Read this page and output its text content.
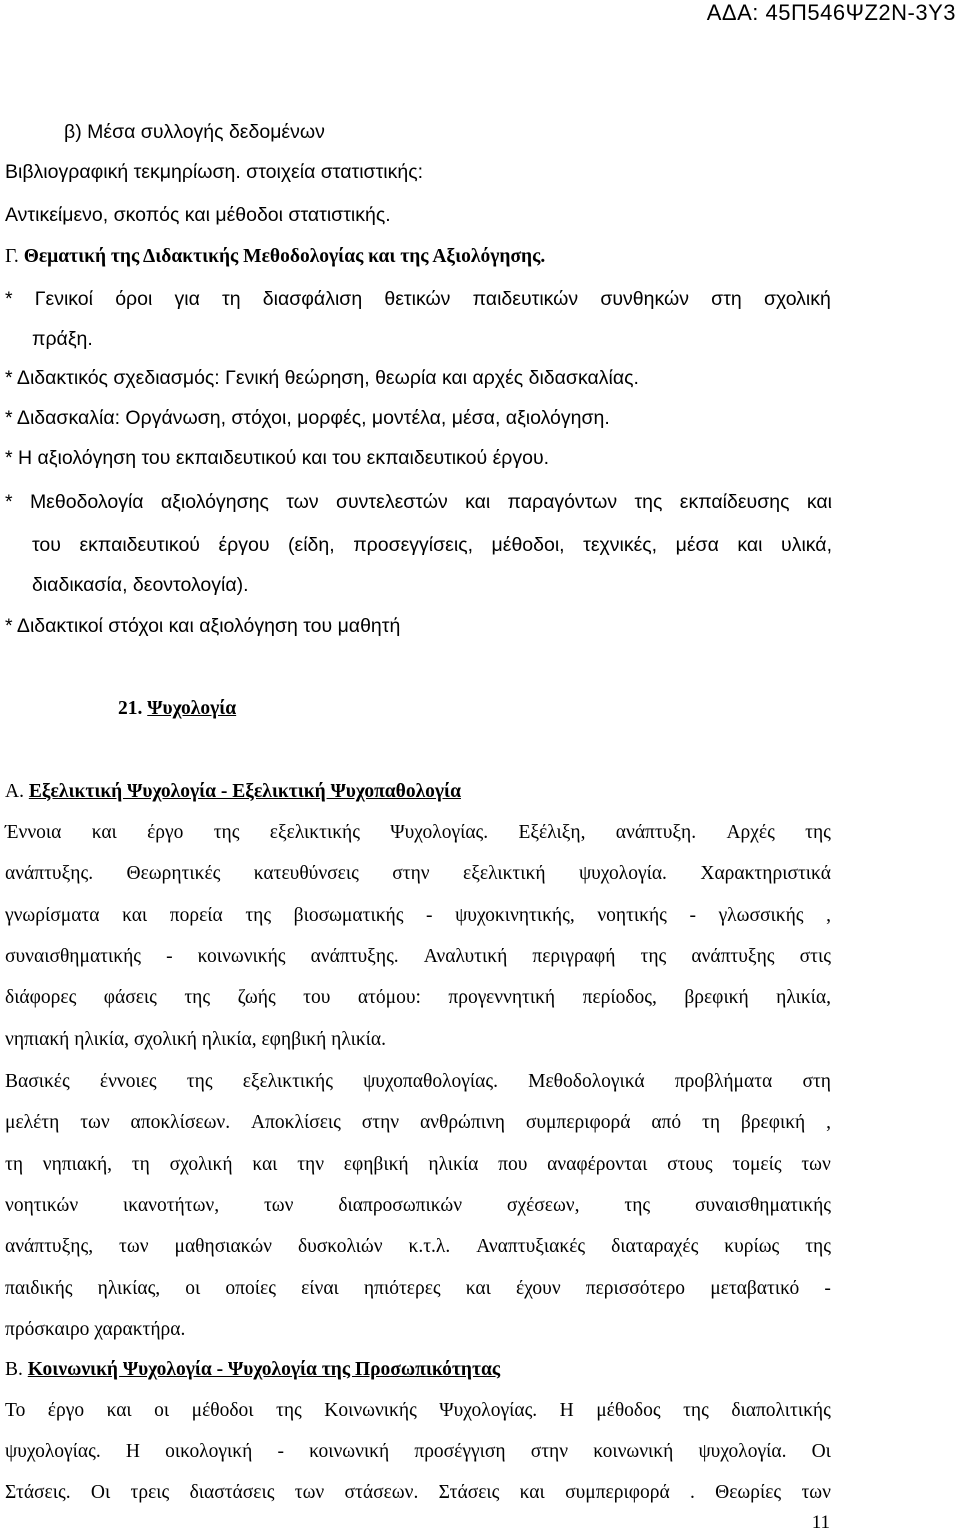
ΑΔΑ: 45Π546ΨΖ2Ν-3Υ3
β) Μέσα συλλογής δεδομένων
Βιβλιογραφική τεκμηρίωση. στοιχεία στατιστικής:
Αντικείμενο, σκοπός και μέθοδοι στατιστικής.
Γ. Θεματική της Διδακτικής Μεθοδολογίας και της Αξιολόγησης.
* Γενικοί όροι για τη διασφάλιση θετικών παιδευτικών συνθηκών στη σχολική
πράξη.
* Διδακτικός σχεδιασμός: Γενική θεώρηση, θεωρία και αρχές διδασκαλίας.
* Διδασκαλία: Οργάνωση, στόχοι, μορφές, μοντέλα, μέσα, αξιολόγηση.
* Η αξιολόγηση του εκπαιδευτικού και του εκπαιδευτικού έργου.
* Μεθοδολογία αξιολόγησης των συντελεστών και παραγόντων της εκπαίδευσης και
του εκπαιδευτικού έργου (είδη, προσεγγίσεις, μέθοδοι, τεχνικές, μέσα και υλικά,
διαδικασία, δεοντολογία).
* Διδακτικοί στόχοι και αξιολόγηση του μαθητή
21. Ψυχολογία
Α. Εξελικτική Ψυχολογία - Εξελικτική Ψυχοπαθολογία
Έννοια και έργο της εξελικτικής Ψυχολογίας. Εξέλιξη, ανάπτυξη. Αρχές της
ανάπτυξης. Θεωρητικές κατευθύνσεις στην εξελικτική ψυχολογία. Χαρακτηριστικά
γνωρίσματα και πορεία της βιοσωματικής - ψυχοκινητικής, νοητικής - γλωσσικής ,
συναισθηματικής - κοινωνικής ανάπτυξης. Αναλυτική περιγραφή της ανάπτυξης στις
διάφορες φάσεις της ζωής του ατόμου: προγεννητική περίοδος, βρεφική ηλικία,
νηπιακή ηλικία, σχολική ηλικία, εφηβική ηλικία.
Βασικές έννοιες της εξελικτικής ψυχοπαθολογίας. Μεθοδολογικά προβλήματα στη
μελέτη των αποκλίσεων. Αποκλίσεις στην ανθρώπινη συμπεριφορά από τη βρεφική ,
τη νηπιακή, τη σχολική και την εφηβική ηλικία που αναφέρονται στους τομείς των
νοητικών ικανοτήτων, των διαπροσωπικών σχέσεων, της συναισθηματικής
ανάπτυξης, των μαθησιακών δυσκολιών κ.τ.λ. Αναπτυξιακές διαταραχές κυρίως της
παιδικής ηλικίας, οι οποίες είναι ηπιότερες και έχουν περισσότερο μεταβατικό -
πρόσκαιρο χαρακτήρα.
Β. Κοινωνική Ψυχολογία - Ψυχολογία της Προσωπικότητας
Το έργο και οι μέθοδοι της Κοινωνικής Ψυχολογίας. Η μέθοδος της διαπολιτικής
ψυχολογίας. Η οικολογική - κοινωνική προσέγγιση στην κοινωνική ψυχολογία. Οι
Στάσεις. Οι τρεις διαστάσεις των στάσεων. Στάσεις και συμπεριφορά . Θεωρίες των
11
